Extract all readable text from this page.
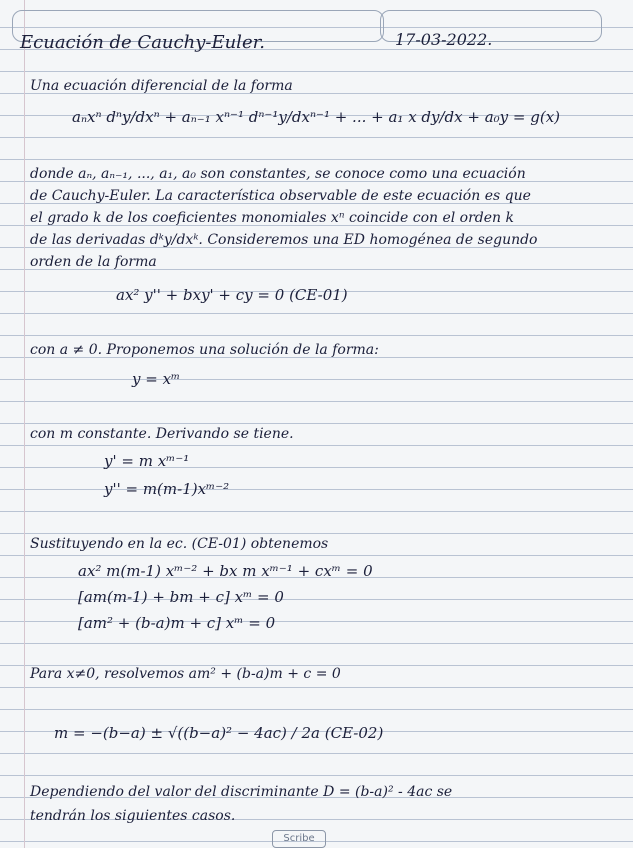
Ecuación de Cauchy-Euler.	17-03-2022.
Una ecuación diferencial de la forma
aₙxⁿ dⁿy/dxⁿ + aₙ₋₁ xⁿ⁻¹ dⁿ⁻¹y/dxⁿ⁻¹ + ... + a₁ x dy/dx + a₀y = g(x)
donde aₙ, aₙ₋₁, ..., a₁, a₀ son constantes, se conoce como una ecuación
de Cauchy-Euler. La característica observable de este ecuación es que
el grado k de los coeficientes monomiales xⁿ coincide con el orden k
de las derivadas dᵏy/dxᵏ. Consideremos una ED homogénea de segundo
orden de la forma
ax² y'' + bxy' + cy = 0 (CE-01)
con a ≠ 0. Proponemos una solución de la forma:
y = xᵐ
con m constante. Derivando se tiene.
y' = m xᵐ⁻¹
y'' = m(m-1)xᵐ⁻²
Sustituyendo en la ec. (CE-01) obtenemos
ax² m(m-1) xᵐ⁻² + bx m xᵐ⁻¹ + cxᵐ = 0
[am(m-1) + bm + c] xᵐ = 0
[am² + (b-a)m + c] xᵐ = 0
Para x≠0, resolvemos am² + (b-a)m + c = 0
m = −(b−a) ± √((b−a)² − 4ac) / 2a (CE-02)
Dependiendo del valor del discriminante D = (b-a)² - 4ac se
tendrán los siguientes casos.
Scribe
